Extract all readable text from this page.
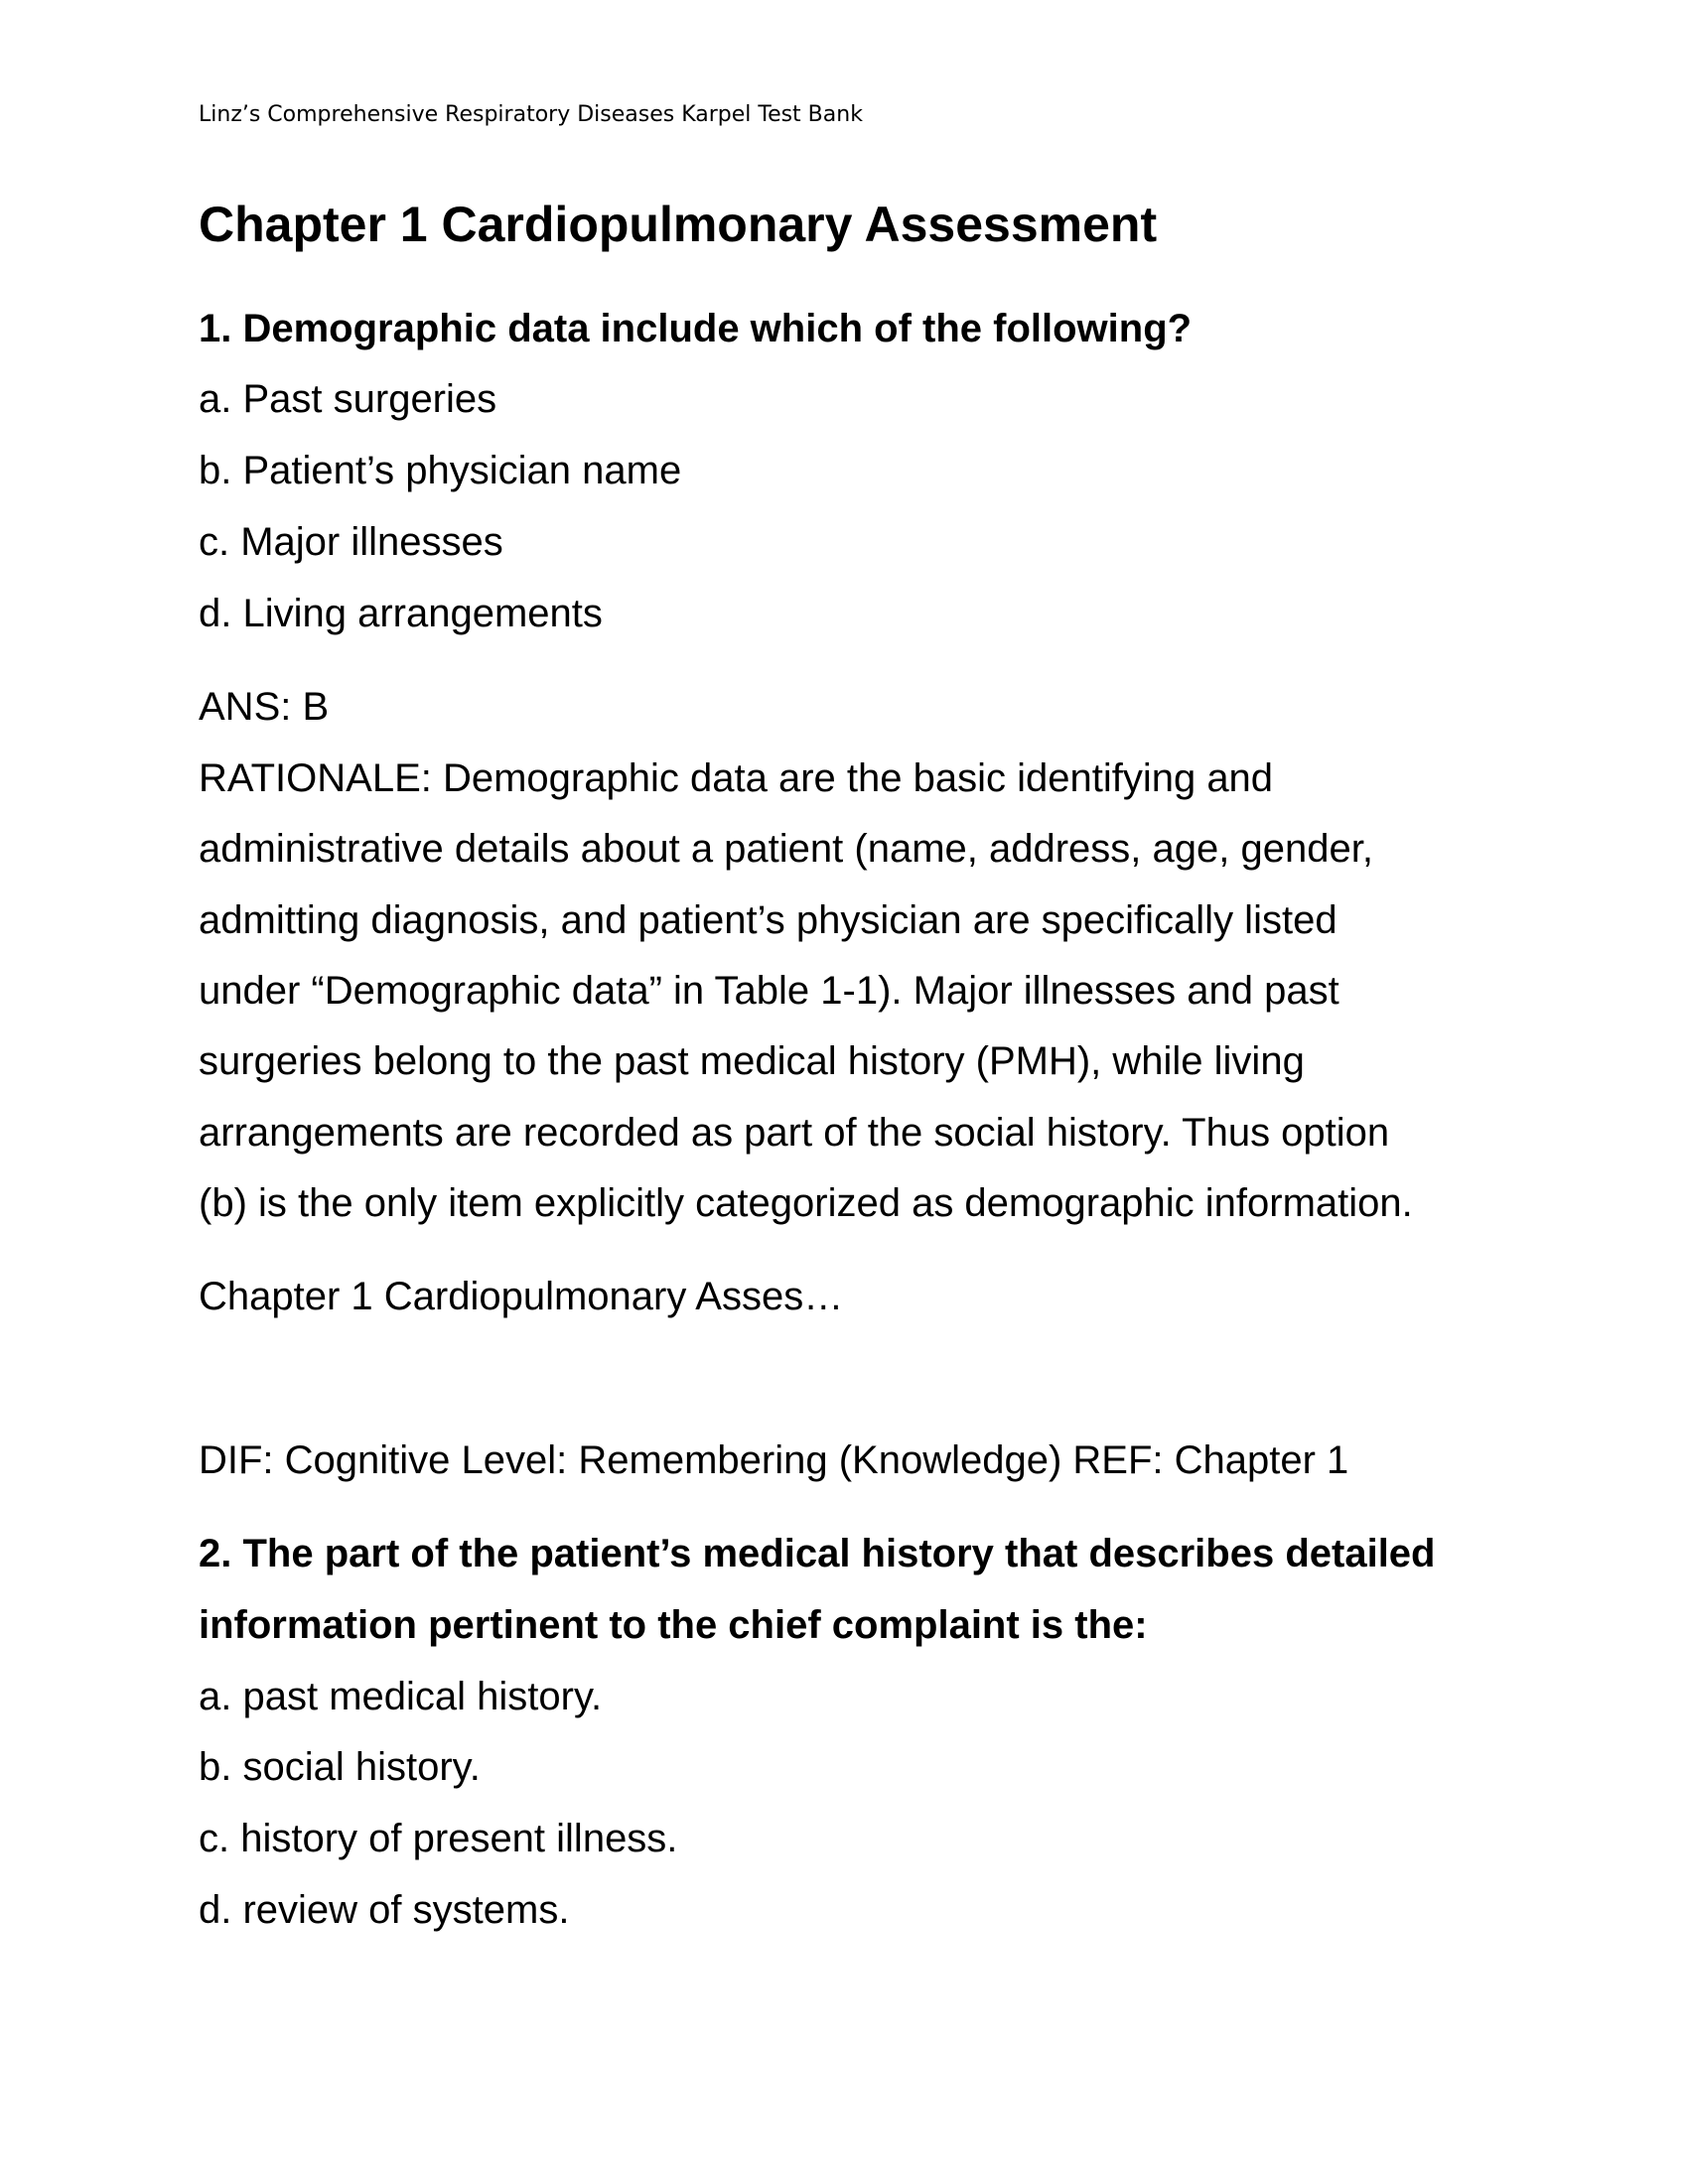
Linz’s Comprehensive Respiratory Diseases Karpel Test Bank
Chapter 1 Cardiopulmonary Assessment
1. Demographic data include which of the following?
a. Past surgeries
b. Patient’s physician name
c. Major illnesses
d. Living arrangements
ANS: B
RATIONALE: Demographic data are the basic identifying and
administrative details about a patient (name, address, age, gender,
admitting diagnosis, and patient’s physician are specifically listed
under “Demographic data” in Table 1-1). Major illnesses and past
surgeries belong to the past medical history (PMH), while living
arrangements are recorded as part of the social history. Thus option
(b) is the only item explicitly categorized as demographic information.
Chapter 1 Cardiopulmonary Asses…
DIF: Cognitive Level: Remembering (Knowledge) REF: Chapter 1
2. The part of the patient’s medical history that describes detailed
information pertinent to the chief complaint is the:
a. past medical history.
b. social history.
c. history of present illness.
d. review of systems.
